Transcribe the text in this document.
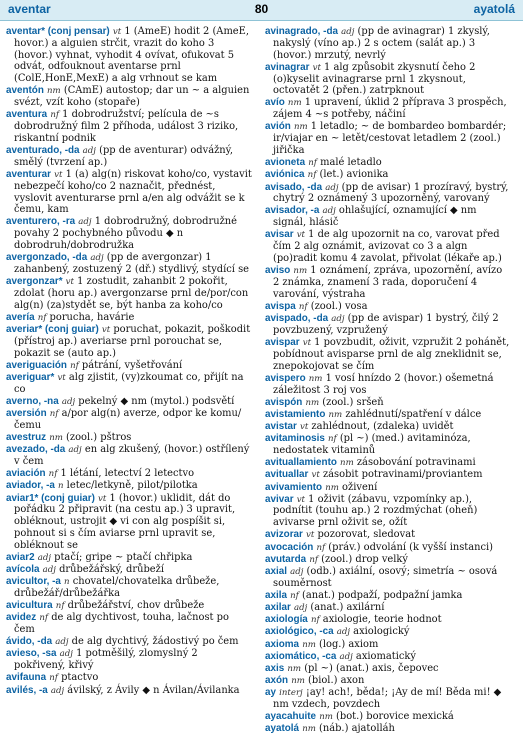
aventar	80	ayatolá
aventar* (conj pensar) vt 1 (AmeE) hodit 2 (AmeE, hovor.) a alguien strčit, vrazit do koho 3 (hovor.) vyhnat, vyhodit 4 ovívat, ofukovat 5 odvát, odfouknout aventarse prnl (ColE,HonE,MexE) a alg vrhnout se kam
aventón nm (CAmE) autostop; dar un ~ a alguien svézt, vzít koho (stopaře)
aventura nf 1 dobrodružství; película de ~s dobrodružný film 2 příhoda, událost 3 riziko, riskantní podnik
aventurado, -da adj (pp de aventurar) odvážný, smělý (tvrzení ap.)
aventurar vt 1 (a) alg(n) riskovat koho/co, vystavit nebezpečí koho/co 2 naznačit, přednést, vyslovit aventurarse prnl a/en alg odvážit se k čemu, kam
aventurero, -ra adj 1 dobrodružný, dobrodružné povahy 2 pochybného původu ◆ n dobrodruh/dobrodružka
avergonzado, -da adj (pp de avergonzar) 1 zahanbený, zostuzený 2 (dř.) stydlivý, stydící se
avergonzar* vt 1 zostudit, zahanbit 2 pokořit, zdolat (horu ap.) avergonzarse prnl de/por/con alg(n) (za)stydět se, být hanba za koho/co
avería nf porucha, havárie
averiar* (conj guiar) vt poruchat, pokazit, poškodit (přístroj ap.) averiarse prnl porouchat se, pokazit se (auto ap.)
averiguación nf pátrání, vyšetřování
averiguar* vt alg zjistit, (vy)zkoumat co, přijít na co
averno, -na adj pekelný ◆ nm (mytol.) podsvětí
aversión nf a/por alg(n) averze, odpor ke komu/čemu
avestruz nm (zool.) pštros
avezado, -da adj en alg zkušený, (hovor.) ostřílený v čem
aviación nf 1 létání, letectví 2 letectvo
aviador, -a n letec/letkyně, pilot/pilotka
aviar1* (conj guiar) vt 1 (hovor.) uklidit, dát do pořádku 2 připravit (na cestu ap.) 3 upravit, obléknout, ustrojit ◆ vi con alg pospíšit si, pohnout si s čím aviarse prnl upravit se, obléknout se
aviar2 adj ptačí; gripe ~ ptačí chřipka
avícola adj drůbežářský, drůbeží
avicultor, -a n chovatel/chovatelka drůbeže, drůbežář/drůbežářka
avicultura nf drůbežářství, chov drůbeže
avidez nf de alg dychtivost, touha, lačnost po čem
ávido, -da adj de alg dychtivý, žádostivý po čem
avieso, -sa adj 1 potměšilý, zlomyslný 2 pokřivený, křivý
avifauna nf ptactvo
avilés, -a adj ávilský, z Ávily ◆ n Ávilan/Ávilanka
avinagrado, -da adj (pp de avinagrar) 1 zkyslý, nakyslý (víno ap.) 2 s octem (salát ap.) 3 (hovor.) mrzutý, nevrlý
avinagrar vt 1 alg způsobit zkysnutí čeho 2 (o)kyselit avinagrarse prnl 1 zkysnout, octovatět 2 (přen.) zatrpknout
avío nm 1 upravení, úklid 2 příprava 3 prospěch, zájem 4 ~s potřeby, náčiní
avión nm 1 letadlo; ~ de bombardeo bombardér; ir/viajar en ~ letět/cestovat letadlem 2 (zool.) jiřička
avioneta nf malé letadlo
aviónica nf (let.) avionika
avisado, -da adj (pp de avisar) 1 prozíravý, bystrý, chytrý 2 oznámený 3 upozorněný, varovaný
avisador, -a adj ohlašující, oznamující ◆ nm signál, hlásič
avisar vt 1 de alg upozornit na co, varovat před čím 2 alg oznámit, avizovat co 3 a algn (po)radit komu 4 zavolat, přivolat (lékaře ap.)
aviso nm 1 oznámení, zpráva, upozornění, avízo 2 známka, znamení 3 rada, doporučení 4 varování, výstraha
avispa nf (zool.) vosa
avispado, -da adj (pp de avispar) 1 bystrý, čilý 2 povzbuzený, vzpružený
avispar vt 1 povzbudit, oživit, vzpružit 2 pohánět, pobídnout avisparse prnl de alg zneklidnit se, znepokojovat se čím
avispero nm 1 vosí hnízdo 2 (hovor.) ošemetná záležitost 3 roj vos
avispón nm (zool.) sršeň
avistamiento nm zahlédnutí/spatření v dálce
avistar vt zahlédnout, (zdaleka) uvidět
avitaminosis nf (pl ~) (med.) avitaminóza, nedostatek vitaminů
avituallamiento nm zásobování potravinami
avituallar vt zásobit potravinami/proviantem
avivamiento nm oživení
avivar vt 1 oživit (zábavu, vzpomínky ap.), podnítit (touhu ap.) 2 rozdmýchat (oheň) avivarse prnl oživit se, ožít
avizorar vt pozorovat, sledovat
avocación nf (práv.) odvolání (k vyšší instanci)
avutarda nf (zool.) drop velký
axial adj (odb.) axiální, osový; simetría ~ osová souměrnost
axila nf (anat.) podpaží, podpažní jamka
axilar adj (anat.) axilární
axiología nf axiologie, teorie hodnot
axiológico, -ca adj axiologický
axioma nm (log.) axiom
axiomático, -ca adj axiomatický
axis nm (pl ~) (anat.) axis, čepovec
axón nm (biol.) axon
ay interj ¡ay! ach!, běda!; ¡Ay de mí! Běda mi! ◆ nm vzdech, povzdech
ayacahuite nm (bot.) borovice mexická
ayatolá nm (náb.) ajatolláh
